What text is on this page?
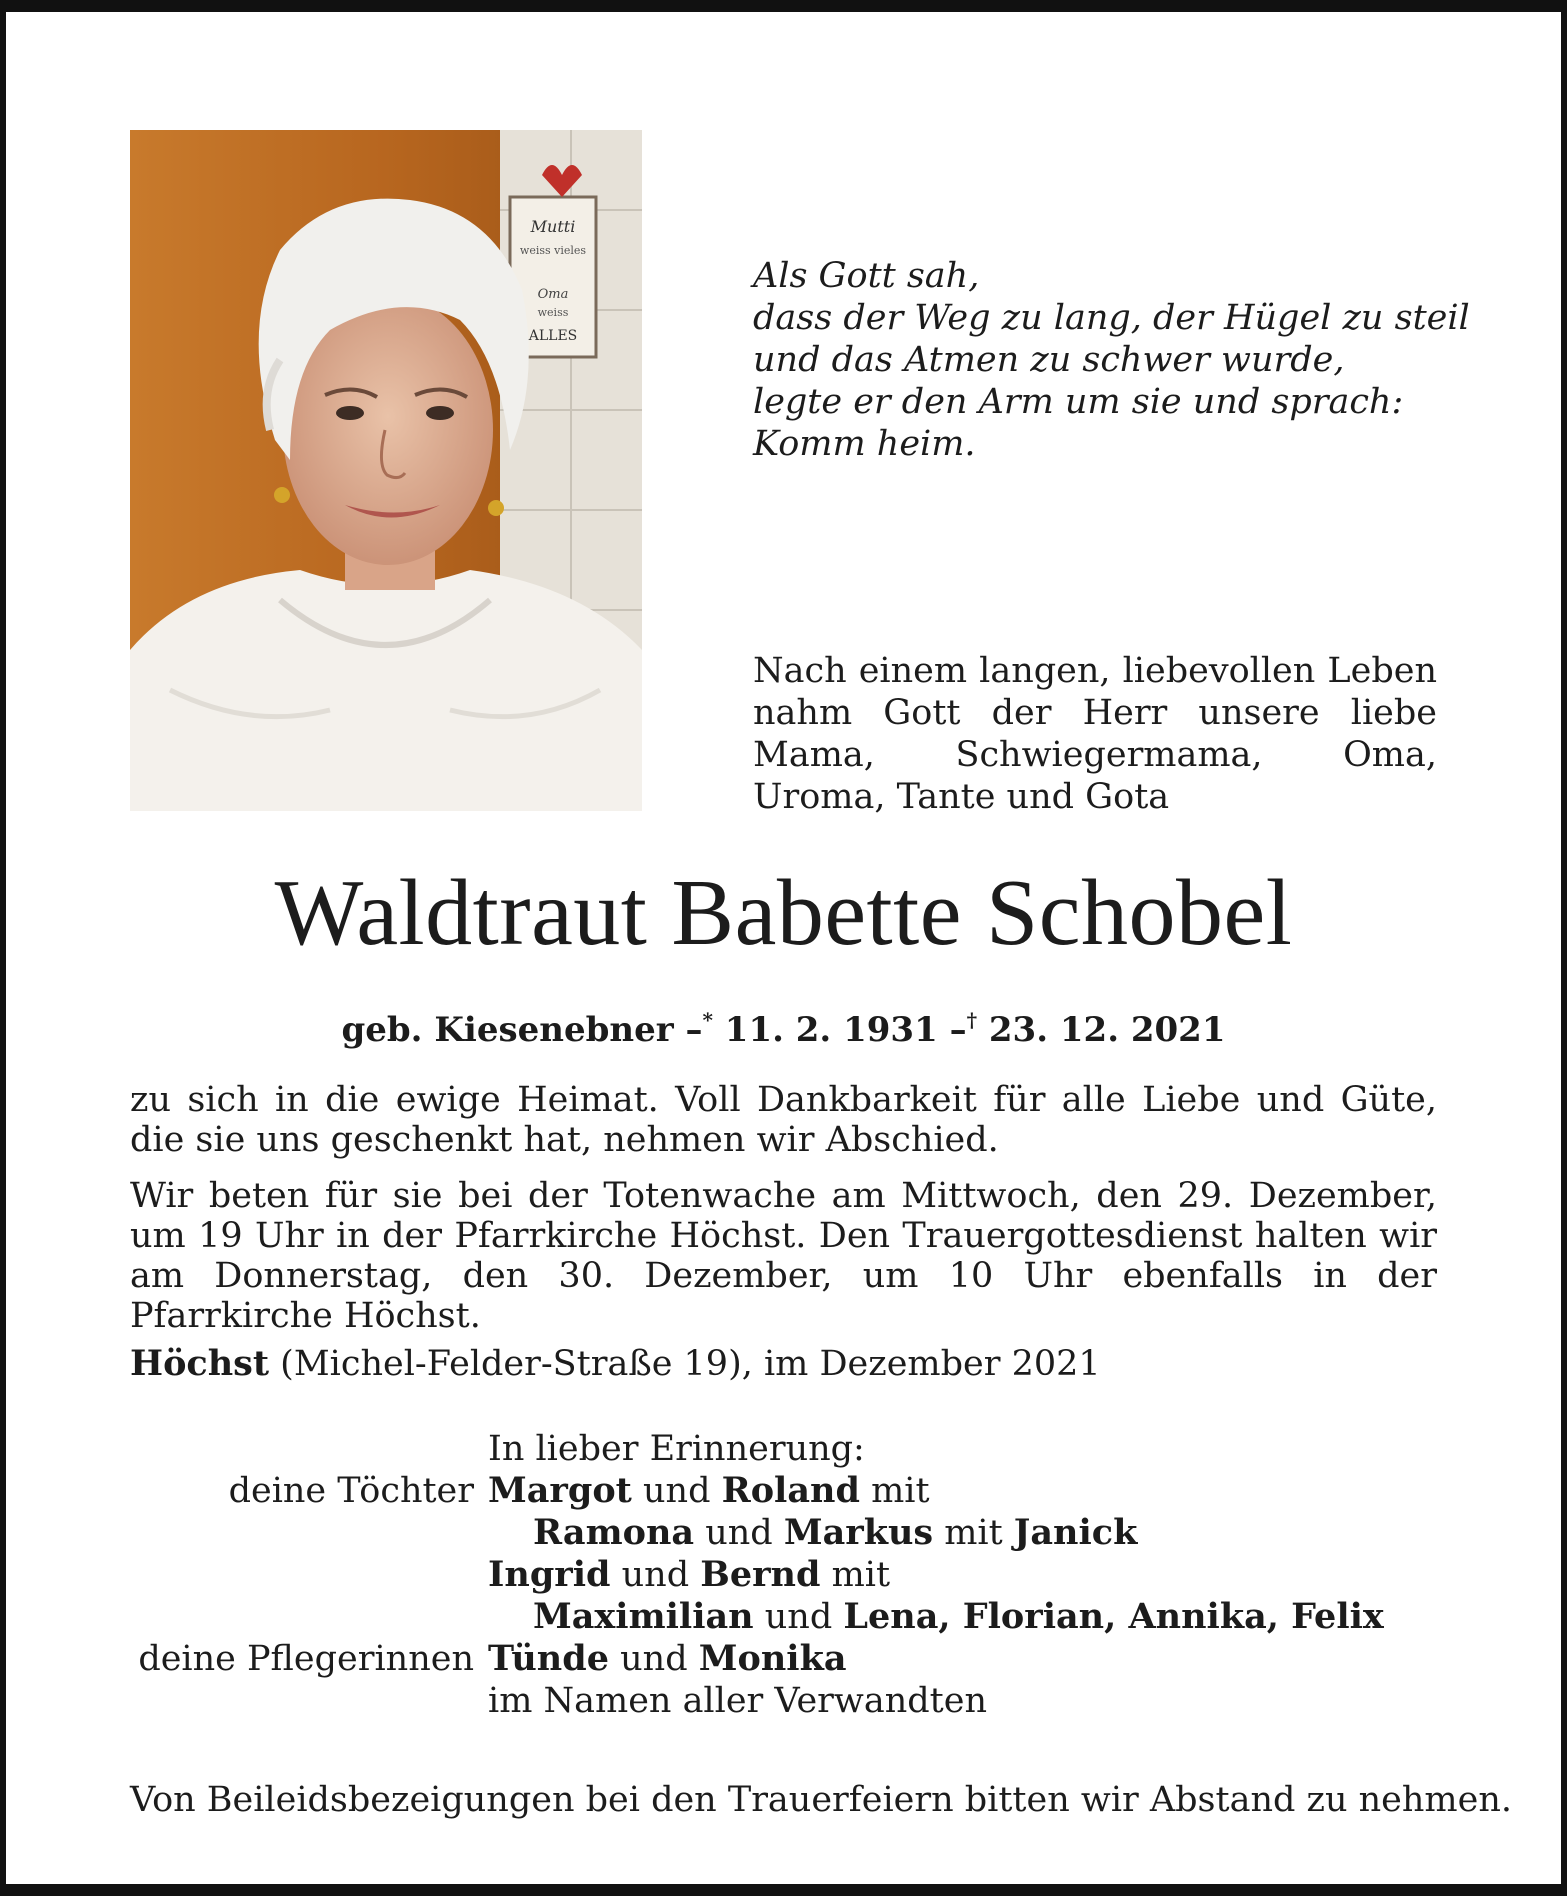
Mutti
weiss vieles
Oma
weiss
ALLES
Als Gott sah,
dass der Weg zu lang, der Hügel zu steil
und das Atmen zu schwer wurde,
legte er den Arm um sie und sprach:
Komm heim.
Nach einem langen, liebevollen Leben nahm Gott der Herr unsere liebe Mama, Schwiegermama, Oma, Uroma, Tante und Gota
Waldtraut Babette Schobel
geb. Kiesenebner –* 11. 2. 1931 –† 23. 12. 2021
zu sich in die ewige Heimat. Voll Dankbarkeit für alle Liebe und Güte, die sie uns geschenkt hat, nehmen wir Abschied.
Wir beten für sie bei der Totenwache am Mittwoch, den 29. Dezember, um 19 Uhr in der Pfarrkirche Höchst. Den Trauergottesdienst halten wir am Donnerstag, den 30. Dezember, um 10 Uhr ebenfalls in der Pfarrkirche Höchst.
Höchst (Michel-Felder-Straße 19), im Dezember 2021
In lieber Erinnerung:
deine Töchter Margot und Roland mit
Ramona und Markus mit Janick
Ingrid und Bernd mit
Maximilian und Lena, Florian, Annika, Felix
deine Pflegerinnen Tünde und Monika
im Namen aller Verwandten
Von Beileidsbezeigungen bei den Trauerfeiern bitten wir Abstand zu nehmen.
